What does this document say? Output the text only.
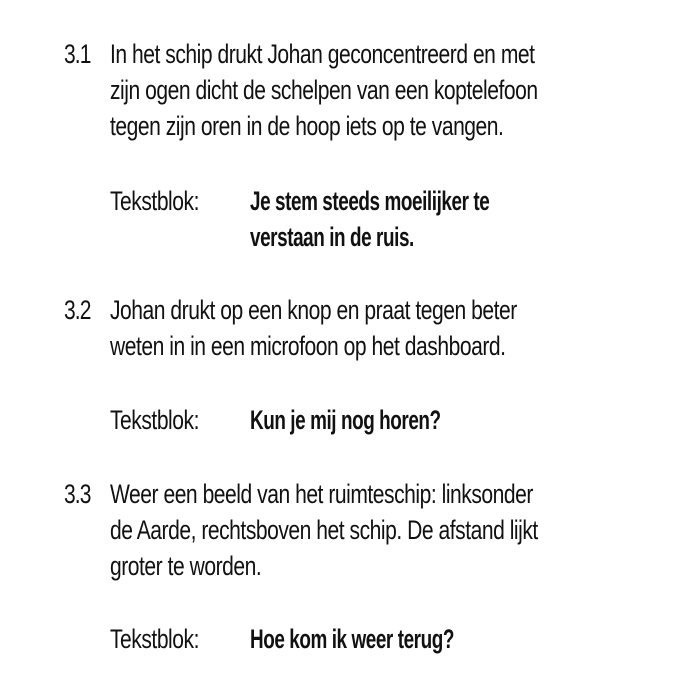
3.1 In het schip drukt Johan geconcentreerd en met
zijn ogen dicht de schelpen van een koptelefoon
tegen zijn oren in de hoop iets op te vangen.
Tekstblok: Je stem steeds moeilijker te
verstaan in de ruis.
3.2 Johan drukt op een knop en praat tegen beter
weten in in een microfoon op het dashboard.
Tekstblok: Kun je mij nog horen?
3.3 Weer een beeld van het ruimteschip: linksonder
de Aarde, rechtsboven het schip. De afstand lijkt
groter te worden.
Tekstblok: Hoe kom ik weer terug?
